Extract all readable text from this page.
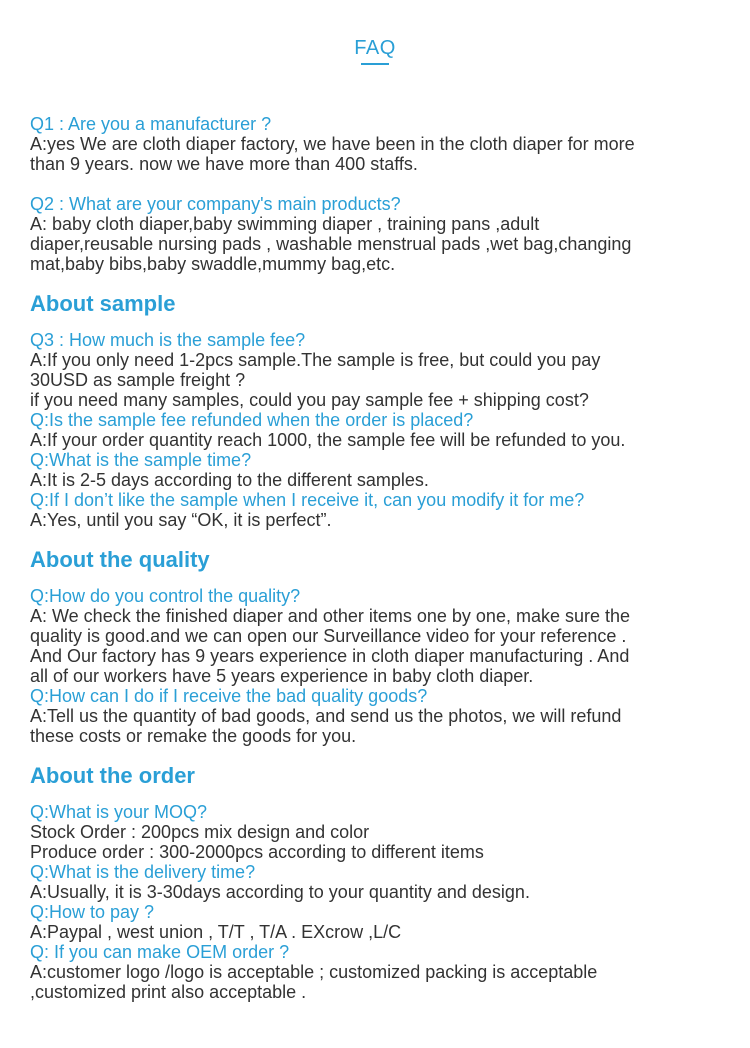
FAQ
Q1 : Are you a manufacturer ?
A:yes We are cloth diaper factory, we have been in the cloth diaper for more
than 9 years. now we have more than 400 staffs.
Q2 : What are your company's main products?
A: baby cloth diaper,baby swimming diaper , training pans ,adult
diaper,reusable nursing pads , washable menstrual pads ,wet bag,changing
mat,baby bibs,baby swaddle,mummy bag,etc.
About sample
Q3 : How much is the sample fee?
A:If you only need 1-2pcs sample.The sample is free, but could you pay
30USD as sample freight ?
if you need many samples, could you pay sample fee + shipping cost?
Q:Is the sample fee refunded when the order is placed?
A:If your order quantity reach 1000, the sample fee will be refunded to you.
Q:What is the sample time?
A:It is 2-5 days according to the different samples.
Q:If I don’t like the sample when I receive it, can you modify it for me?
A:Yes, until you say “OK, it is perfect”.
About the quality
Q:How do you control the quality?
A: We check the finished diaper and other items one by one, make sure the
quality is good.and we can open our Surveillance video for your reference .
And Our factory has 9 years experience in cloth diaper manufacturing . And
all of our workers have 5 years experience in baby cloth diaper.
Q:How can I do if I receive the bad quality goods?
A:Tell us the quantity of bad goods, and send us the photos, we will refund
these costs or remake the goods for you.
About the order
Q:What is your MOQ?
Stock Order : 200pcs mix design and color
Produce order : 300-2000pcs according to different items
Q:What is the delivery time?
A:Usually, it is 3-30days according to your quantity and design.
Q:How to pay ?
A:Paypal , west union , T/T , T/A . EXcrow ,L/C
Q: If you can make OEM order ?
A:customer logo /logo is acceptable ; customized packing is acceptable
,customized print also acceptable .
